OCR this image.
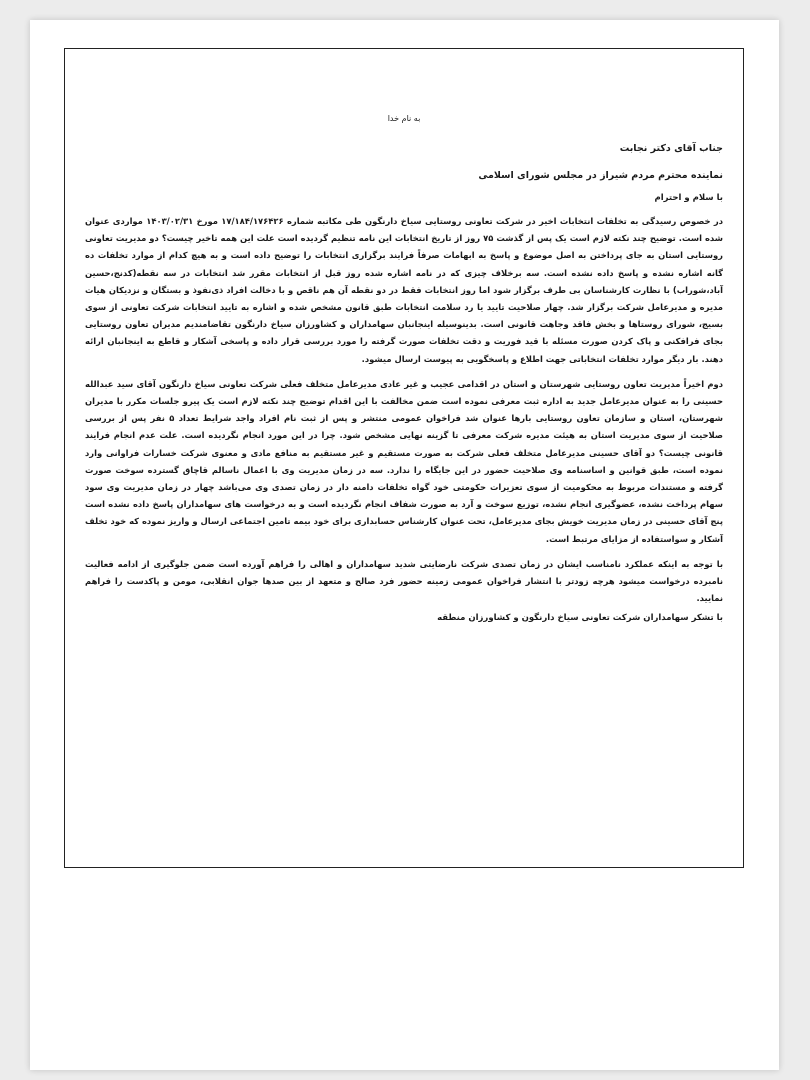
به نام خدا
جناب آقای دکتر نجابت
نماینده محترم مردم شیراز در مجلس شورای اسلامی
با سلام و احترام
در خصوص رسیدگی به تخلفات انتخابات اخیر در شرکت تعاونی روستایی سیاخ دارنگون طی مکاتبه شماره ۱۷/۱۸۴/۱۷۶۴۲۶ مورخ ۱۴۰۳/۰۲/۳۱ مواردی عنوان شده است. توضیح چند نکته لازم است یک پس از گذشت ۷۵ روز از تاریخ انتخابات این نامه تنظیم گردیده است علت این همه تاخیر چیست؟ دو مدیریت تعاونی روستایی استان به جای پرداختن به اصل موضوع و پاسخ به ابهامات صرفاً فرایند برگزاری انتخابات را توضیح داده است و به هیچ کدام از موارد تخلفات ده گانه اشاره نشده و پاسخ داده نشده است. سه برخلاف چیزی که در نامه اشاره شده روز قبل از انتخابات مقرر شد انتخابات در سه نقطه(کدنج،حسین آباد،شوراب) با نظارت کارشناسان بی طرف برگزار شود اما روز انتخابات فقط در دو نقطه آن هم ناقص و با دخالت افراد ذی‌نفوذ و بستگان و نزدیکان هیات مدیره و مدیرعامل شرکت برگزار شد. چهار صلاحیت تایید یا رد سلامت انتخابات طبق قانون مشخص شده و اشاره به تایید انتخابات شرکت تعاونی از سوی بسیج، شورای روستاها و بخش فاقد وجاهت قانونی است. بدینوسیله اینجانبان سهامداران و کشاورزان سیاخ دارنگون تقاضامندیم مدیران تعاون روستایی بجای فرافکنی و پاک کردن صورت مسئله با قید فوریت و دقت تخلفات صورت گرفته را مورد بررسی قرار داده و پاسخی آشکار و قاطع به اینجانبان ارائه دهند. بار دیگر موارد تخلفات انتخاباتی جهت اطلاع و پاسخگویی به پیوست ارسال میشود.
دوم اخیراً مدیریت تعاون روستایی شهرستان و استان در اقدامی عجیب و غیر عادی مدیرعامل متخلف فعلی شرکت تعاونی سیاخ دارنگون آقای سید عبدالله حسینی را به عنوان مدیرعامل جدید به اداره ثبت معرفی نموده است ضمن مخالفت با این اقدام توضیح چند نکته لازم است یک پیرو جلسات مکرر با مدیران شهرستان، استان و سازمان تعاون روستایی بارها عنوان شد فراخوان عمومی منتشر و پس از ثبت نام افراد واجد شرایط تعداد ۵ نفر پس از بررسی صلاحیت از سوی مدیریت استان به هیئت مدیره شرکت معرفی تا گزینه نهایی مشخص شود. چرا در این مورد انجام نگردیده است. علت عدم انجام فرایند قانونی چیست؟ دو آقای حسینی مدیرعامل متخلف فعلی شرکت به صورت مستقیم و غیر مستقیم به منافع مادی و معنوی شرکت خسارات فراوانی وارد نموده است، طبق قوانین و اساسنامه وی صلاحیت حضور در این جایگاه را ندارد. سه در زمان مدیریت وی با اعمال ناسالم قاچاق گسترده سوخت صورت گرفته و مستندات مربوط به محکومیت از سوی تعزیرات حکومتی خود گواه تخلفات دامنه دار در زمان تصدی وی می‌باشد چهار در زمان مدیریت وی سود سهام پرداخت نشده، عضوگیری انجام نشده، توزیع سوخت و آرد به صورت شفاف انجام نگردیده است و به درخواست های سهامداران پاسخ داده نشده است پنج آقای حسینی در زمان مدیریت خویش بجای مدیرعامل، تحت عنوان کارشناس حسابداری برای خود بیمه تامین اجتماعی ارسال و واریز نموده که خود تخلف آشکار و سواستفاده از مزایای مرتبط است.
با توجه به اینکه عملکرد نامناسب ایشان در زمان تصدی شرکت نارضایتی شدید سهامداران و اهالی را فراهم آورده است ضمن جلوگیری از ادامه فعالیت نامبرده درخواست میشود هرچه زودتر با انتشار فراخوان عمومی زمینه حضور فرد صالح و متعهد از بین صدها جوان انقلابی، مومن و پاکدست را فراهم نمایید.
با تشکر سهامداران شرکت تعاونی سیاخ دارنگون و کشاورزان منطقه
